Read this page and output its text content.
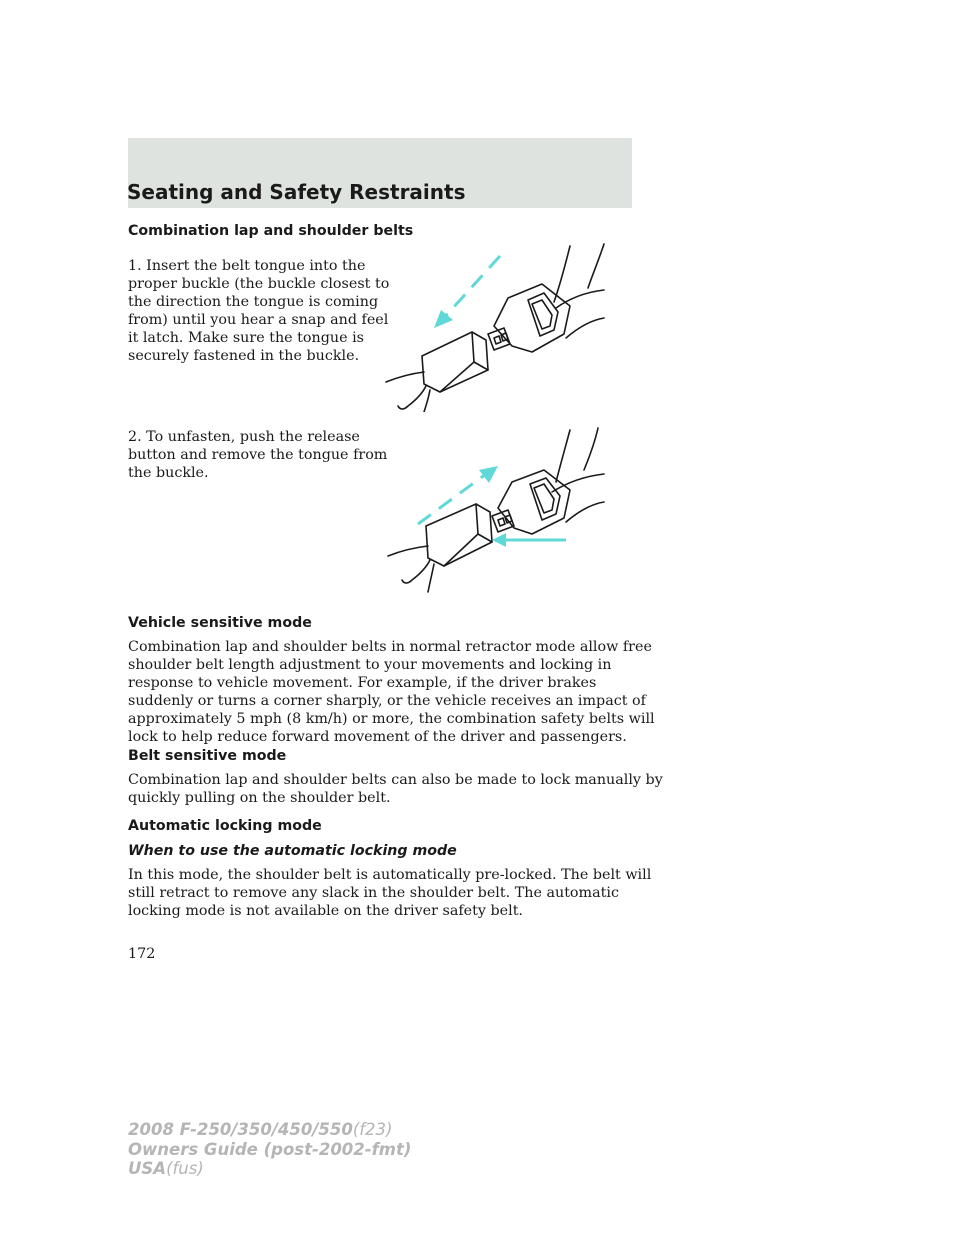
Seating and Safety Restraints
Combination lap and shoulder belts

1. Insert the belt tongue into the
proper buckle (the buckle closest to
the direction the tongue is coming
from) until you hear a snap and feel
it latch. Make sure the tongue is
securely fastened in the buckle.

2. To unfasten, push the release
button and remove the tongue from
the buckle.

Vehicle sensitive mode

Combination lap and shoulder belts in normal retractor mode allow free
shoulder belt length adjustment to your movements and locking in
response to vehicle movement. For example, if the driver brakes
suddenly or turns a corner sharply, or the vehicle receives an impact of
approximately 5 mph (8 km/h) or more, the combination safety belts will
lock to help reduce forward movement of the driver and passengers.

Belt sensitive mode

Combination lap and shoulder belts can also be made to lock manually by
quickly pulling on the shoulder belt.

Automatic locking mode
When to use the automatic locking mode

In this mode, the shoulder belt is automatically pre-locked. The belt will
still retract to remove any slack in the shoulder belt. The automatic
locking mode is not available on the driver safety belt.

172

2008 F-250/350/450/550(f23)
Owners Guide (post-2002-fmt)
USA(fus)
